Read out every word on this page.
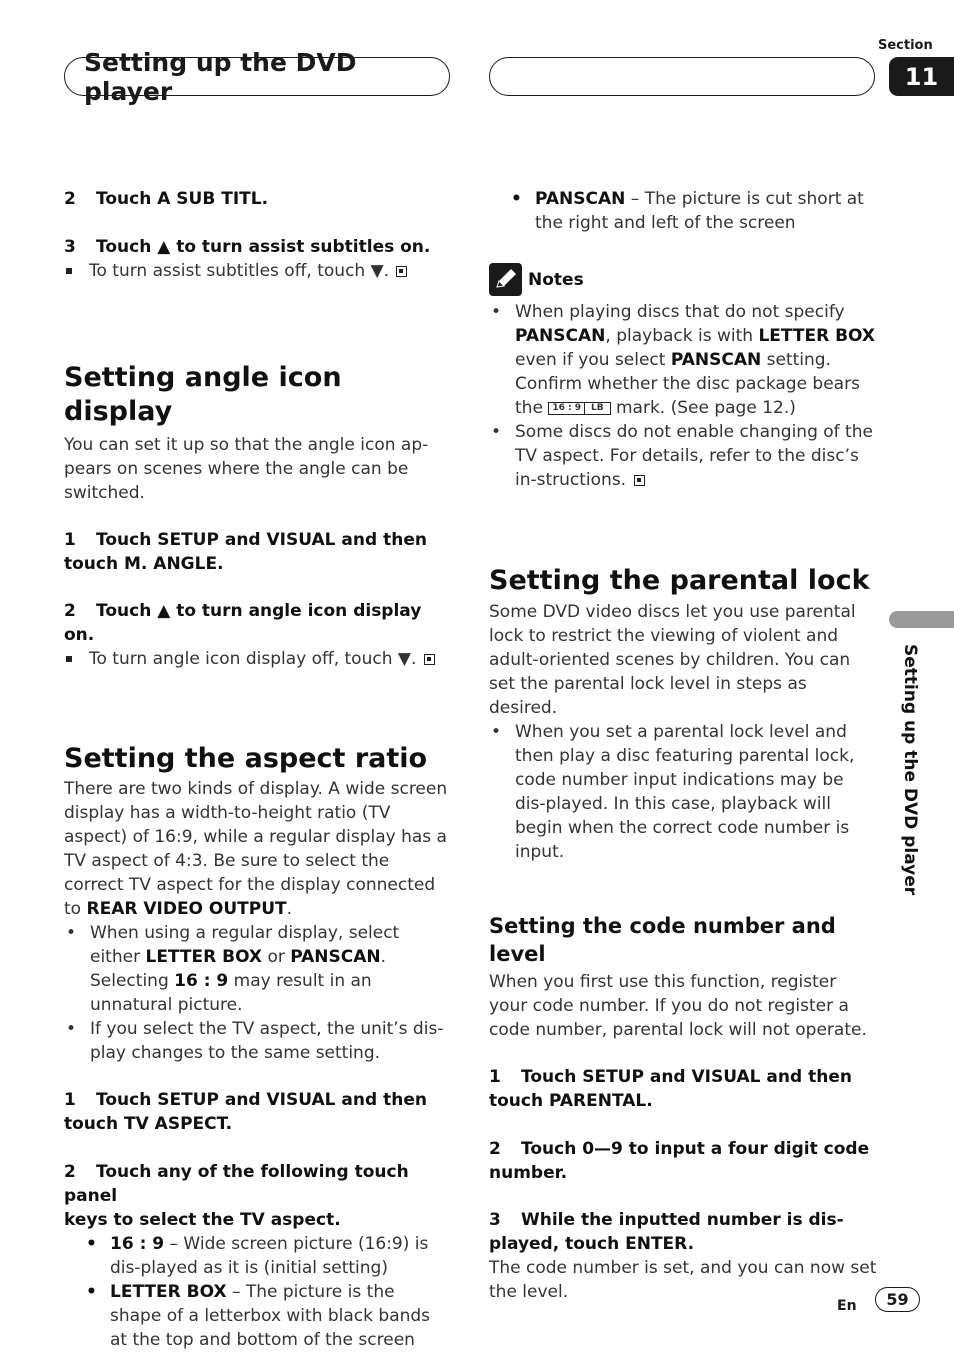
Section
11
Setting up the DVD player
Setting up the DVD player

2 Touch A SUB TITL.

3 Touch ▲ to turn assist subtitles on.

To turn assist subtitles off, touch ▼.

Setting angle icon display

You can set it up so that the angle icon ap-pears on scenes where the angle can be switched.

1 Touch SETUP and VISUAL and then
touch M. ANGLE.

2 Touch ▲ to turn angle icon display on.

To turn angle icon display off, touch ▼.

Setting the aspect ratio

There are two kinds of display. A wide screen display has a width-to-height ratio (TV aspect) of 16:9, while a regular display has a TV aspect of 4:3. Be sure to select the correct TV aspect for the display connected to REAR VIDEO OUTPUT.

• When using a regular display, select either LETTER BOX or PANSCAN. Selecting 16 : 9 may result in an unnatural picture.

• If you select the TV aspect, the unit’s dis-play changes to the same setting.

1 Touch SETUP and VISUAL and then
touch TV ASPECT.

2 Touch any of the following touch panel
keys to select the TV aspect.

• 16 : 9 – Wide screen picture (16:9) is dis-played as it is (initial setting)

• LETTER BOX – The picture is the shape of a letterbox with black bands at the top and bottom of the screen

• PANSCAN – The picture is cut short at the right and left of the screen

Notes

• When playing discs that do not specify PANSCAN, playback is with LETTER BOX even if you select PANSCAN setting. Confirm whether the disc package bears the 16 : 9	LB mark. (See page 12.)

• Some discs do not enable changing of the TV aspect. For details, refer to the disc’s in-structions.

Setting the parental lock

Some DVD video discs let you use parental lock to restrict the viewing of violent and adult-oriented scenes by children. You can set the parental lock level in steps as desired.

• When you set a parental lock level and then play a disc featuring parental lock, code number input indications may be dis-played. In this case, playback will begin when the correct code number is input.

Setting the code number and level

When you first use this function, register your code number. If you do not register a code number, parental lock will not operate.

1 Touch SETUP and VISUAL and then
touch PARENTAL.

2 Touch 0—9 to input a four digit code
number.

3 While the inputted number is dis-
played, touch ENTER.

The code number is set, and you can now set the level.

En	59
